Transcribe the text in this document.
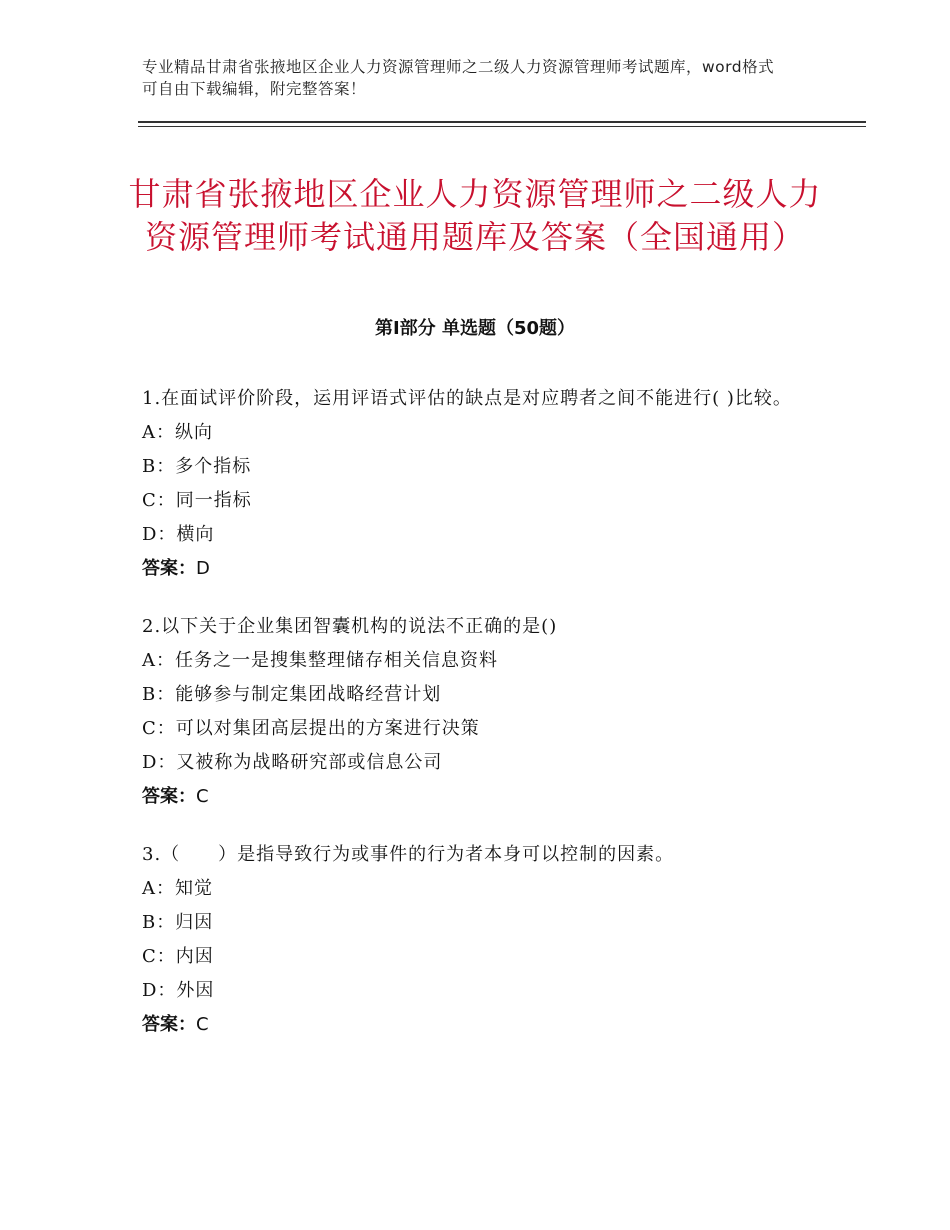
专业精品甘肃省张掖地区企业人力资源管理师之二级人力资源管理师考试题库，word格式可自由下载编辑，附完整答案！
甘肃省张掖地区企业人力资源管理师之二级人力资源管理师考试通用题库及答案（全国通用）
第Ⅰ部分 单选题（50题）
1.在面试评价阶段，运用评语式评估的缺点是对应聘者之间不能进行( )比较。
A：纵向
B：多个指标
C：同一指标
D：横向
答案：D
2.以下关于企业集团智囊机构的说法不正确的是()
A：任务之一是搜集整理储存相关信息资料
B：能够参与制定集团战略经营计划
C：可以对集团高层提出的方案进行决策
D：又被称为战略研究部或信息公司
答案：C
3.（　　）是指导致行为或事件的行为者本身可以控制的因素。
A：知觉
B：归因
C：内因
D：外因
答案：C
